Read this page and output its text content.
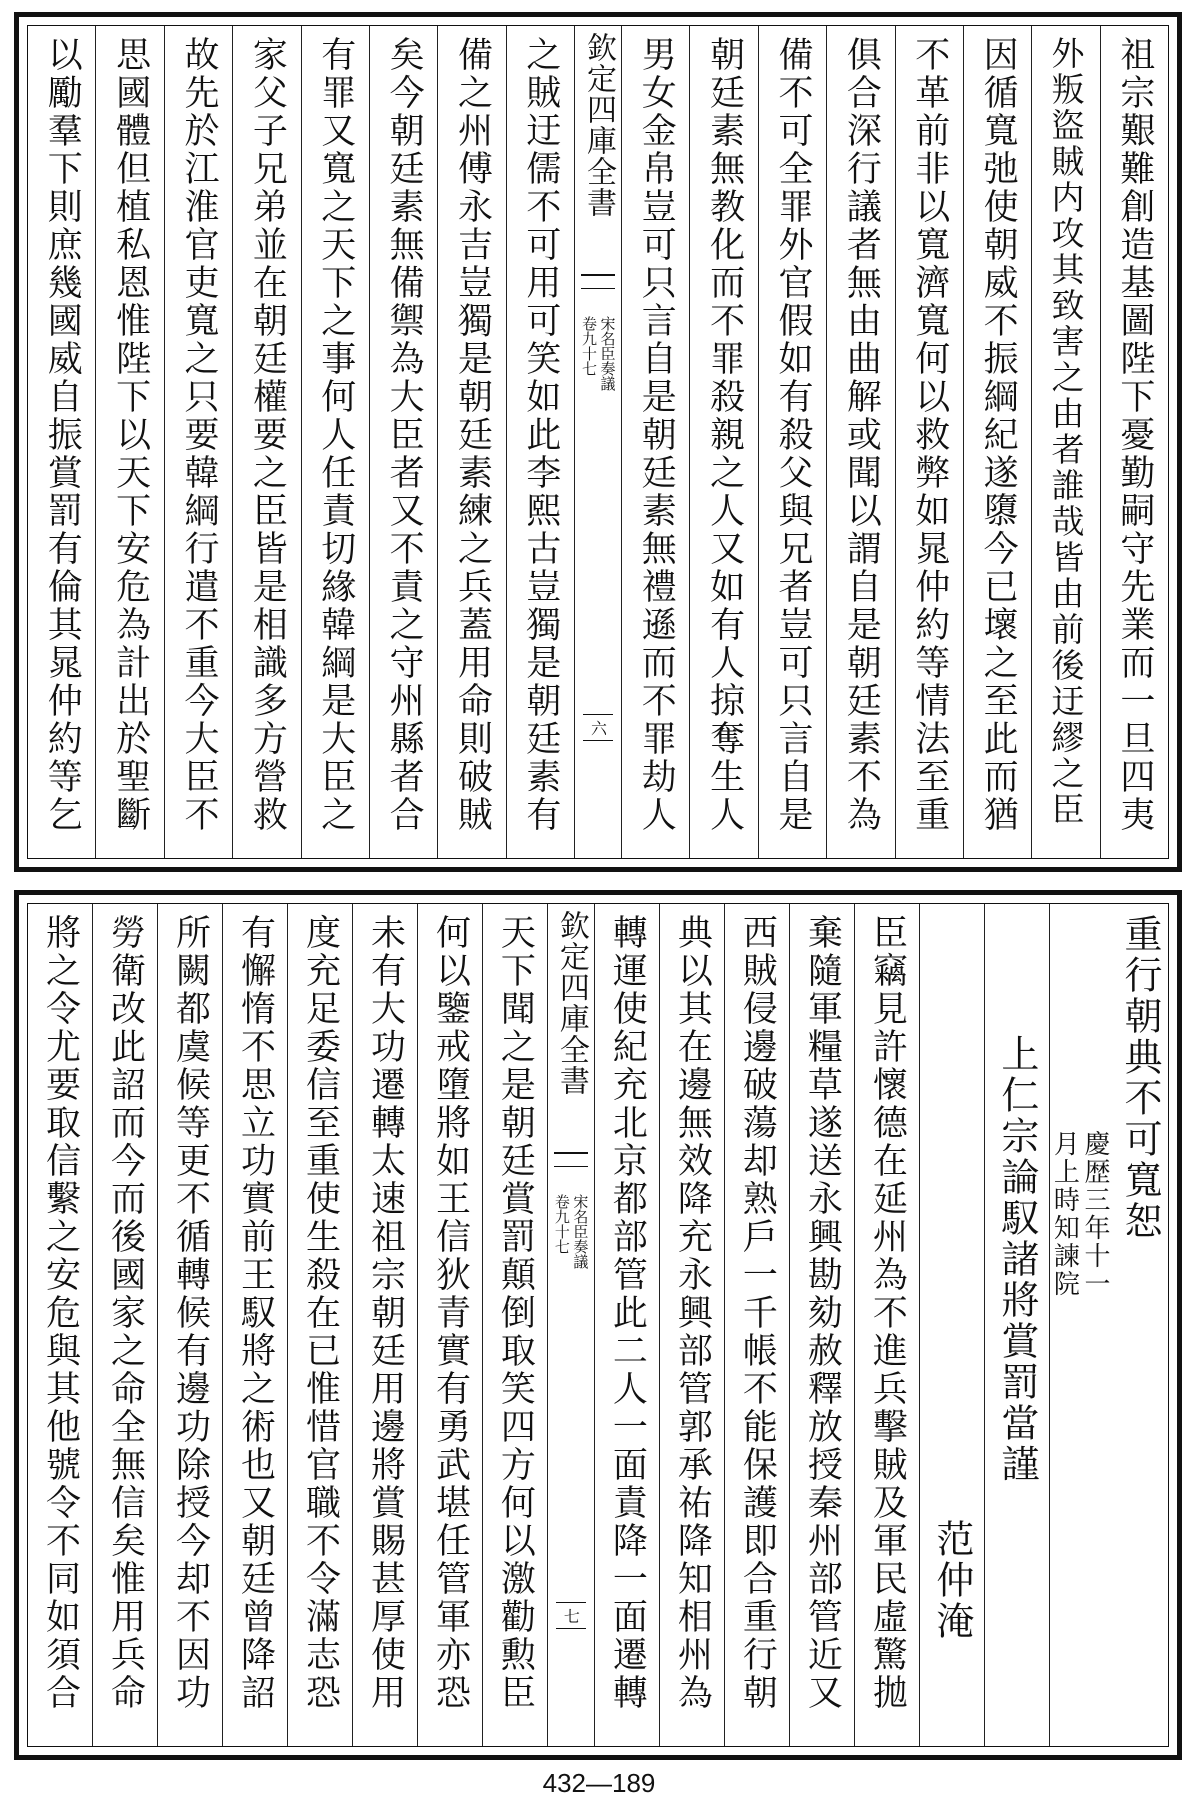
祖宗艱難創造基圖陛下憂勤嗣守先業而一旦四夷
外叛盜賊内攻其致害之由者誰哉皆由前後迂繆之臣
因循寬弛使朝威不振綱紀遂隳今已壞之至此而猶
不革前非以寬濟寬何以救弊如晁仲約等情法至重
俱合深行議者無由曲解或聞以謂自是朝廷素不為
備不可全罪外官假如有殺父與兄者豈可只言自是
朝廷素無教化而不罪殺親之人又如有人掠奪生人
男女金帛豈可只言自是朝廷素無禮遜而不罪劫人
欽定四庫全書
宋名臣奏議
卷九十七
六
之賊迂儒不可用可笑如此李熙古豈獨是朝廷素有
備之州傅永吉豈獨是朝廷素練之兵蓋用命則破賊
矣今朝廷素無備禦為大臣者又不責之守州縣者合
有罪又寬之天下之事何人任責切緣韓綱是大臣之
家父子兄弟並在朝廷權要之臣皆是相識多方營救
故先於江淮官吏寬之只要韓綱行遣不重今大臣不
思國體但植私恩惟陛下以天下安危為計出於聖斷
以勵羣下則庶幾國威自振賞罰有倫其晁仲約等乞
重行朝典不可寬恕
慶歴三年十一
月上時知諫院
上仁宗論馭諸將賞罰當謹
范仲淹
臣竊見許懷德在延州為不進兵擊賊及軍民虛驚拋
棄隨軍糧草遂送永興勘劾赦釋放授秦州部管近又
西賊侵邊破蕩却熟戶一千帳不能保護即合重行朝
典以其在邊無效降充永興部管郭承祐降知相州為
轉運使紀充北京都部管此二人一面責降一面遷轉
欽定四庫全書
宋名臣奏議
卷九十七
七
天下聞之是朝廷賞罰顛倒取笑四方何以激勸勲臣
何以鑒戒墮將如王信狄青實有勇武堪任管軍亦恐
未有大功遷轉太速祖宗朝廷用邊將賞賜甚厚使用
度充足委信至重使生殺在已惟惜官職不令滿志恐
有懈惰不思立功實前王馭將之術也又朝廷曾降詔
所闕都虞候等更不循轉候有邊功除授今却不因功
勞衛改此詔而今而後國家之命全無信矣惟用兵命
將之令尤要取信繫之安危與其他號令不同如須合
432—189
